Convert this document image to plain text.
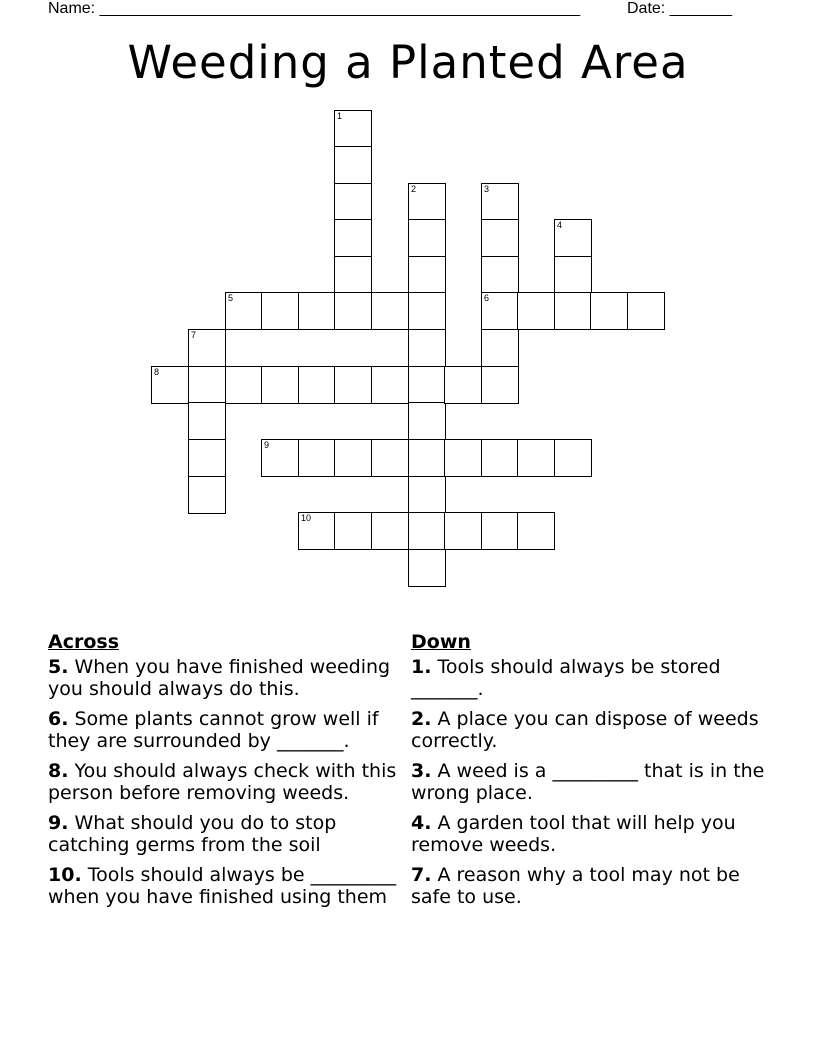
Name: ______________________________________________________	Date: _______
Weeding a Planted Area
1
2	3
6
4
5
7
8
9
10
Across
5. When you have finished weeding you should always do this.
6. Some plants cannot grow well if they are surrounded by _______.
8. You should always check with this person before removing weeds.
9. What should you do to stop catching germs from the soil
10. Tools should always be _________ when you have finished using them
Down
1. Tools should always be stored _______.
2. A place you can dispose of weeds correctly.
3. A weed is a _________ that is in the wrong place.
4. A garden tool that will help you remove weeds.
7. A reason why a tool may not be safe to use.
